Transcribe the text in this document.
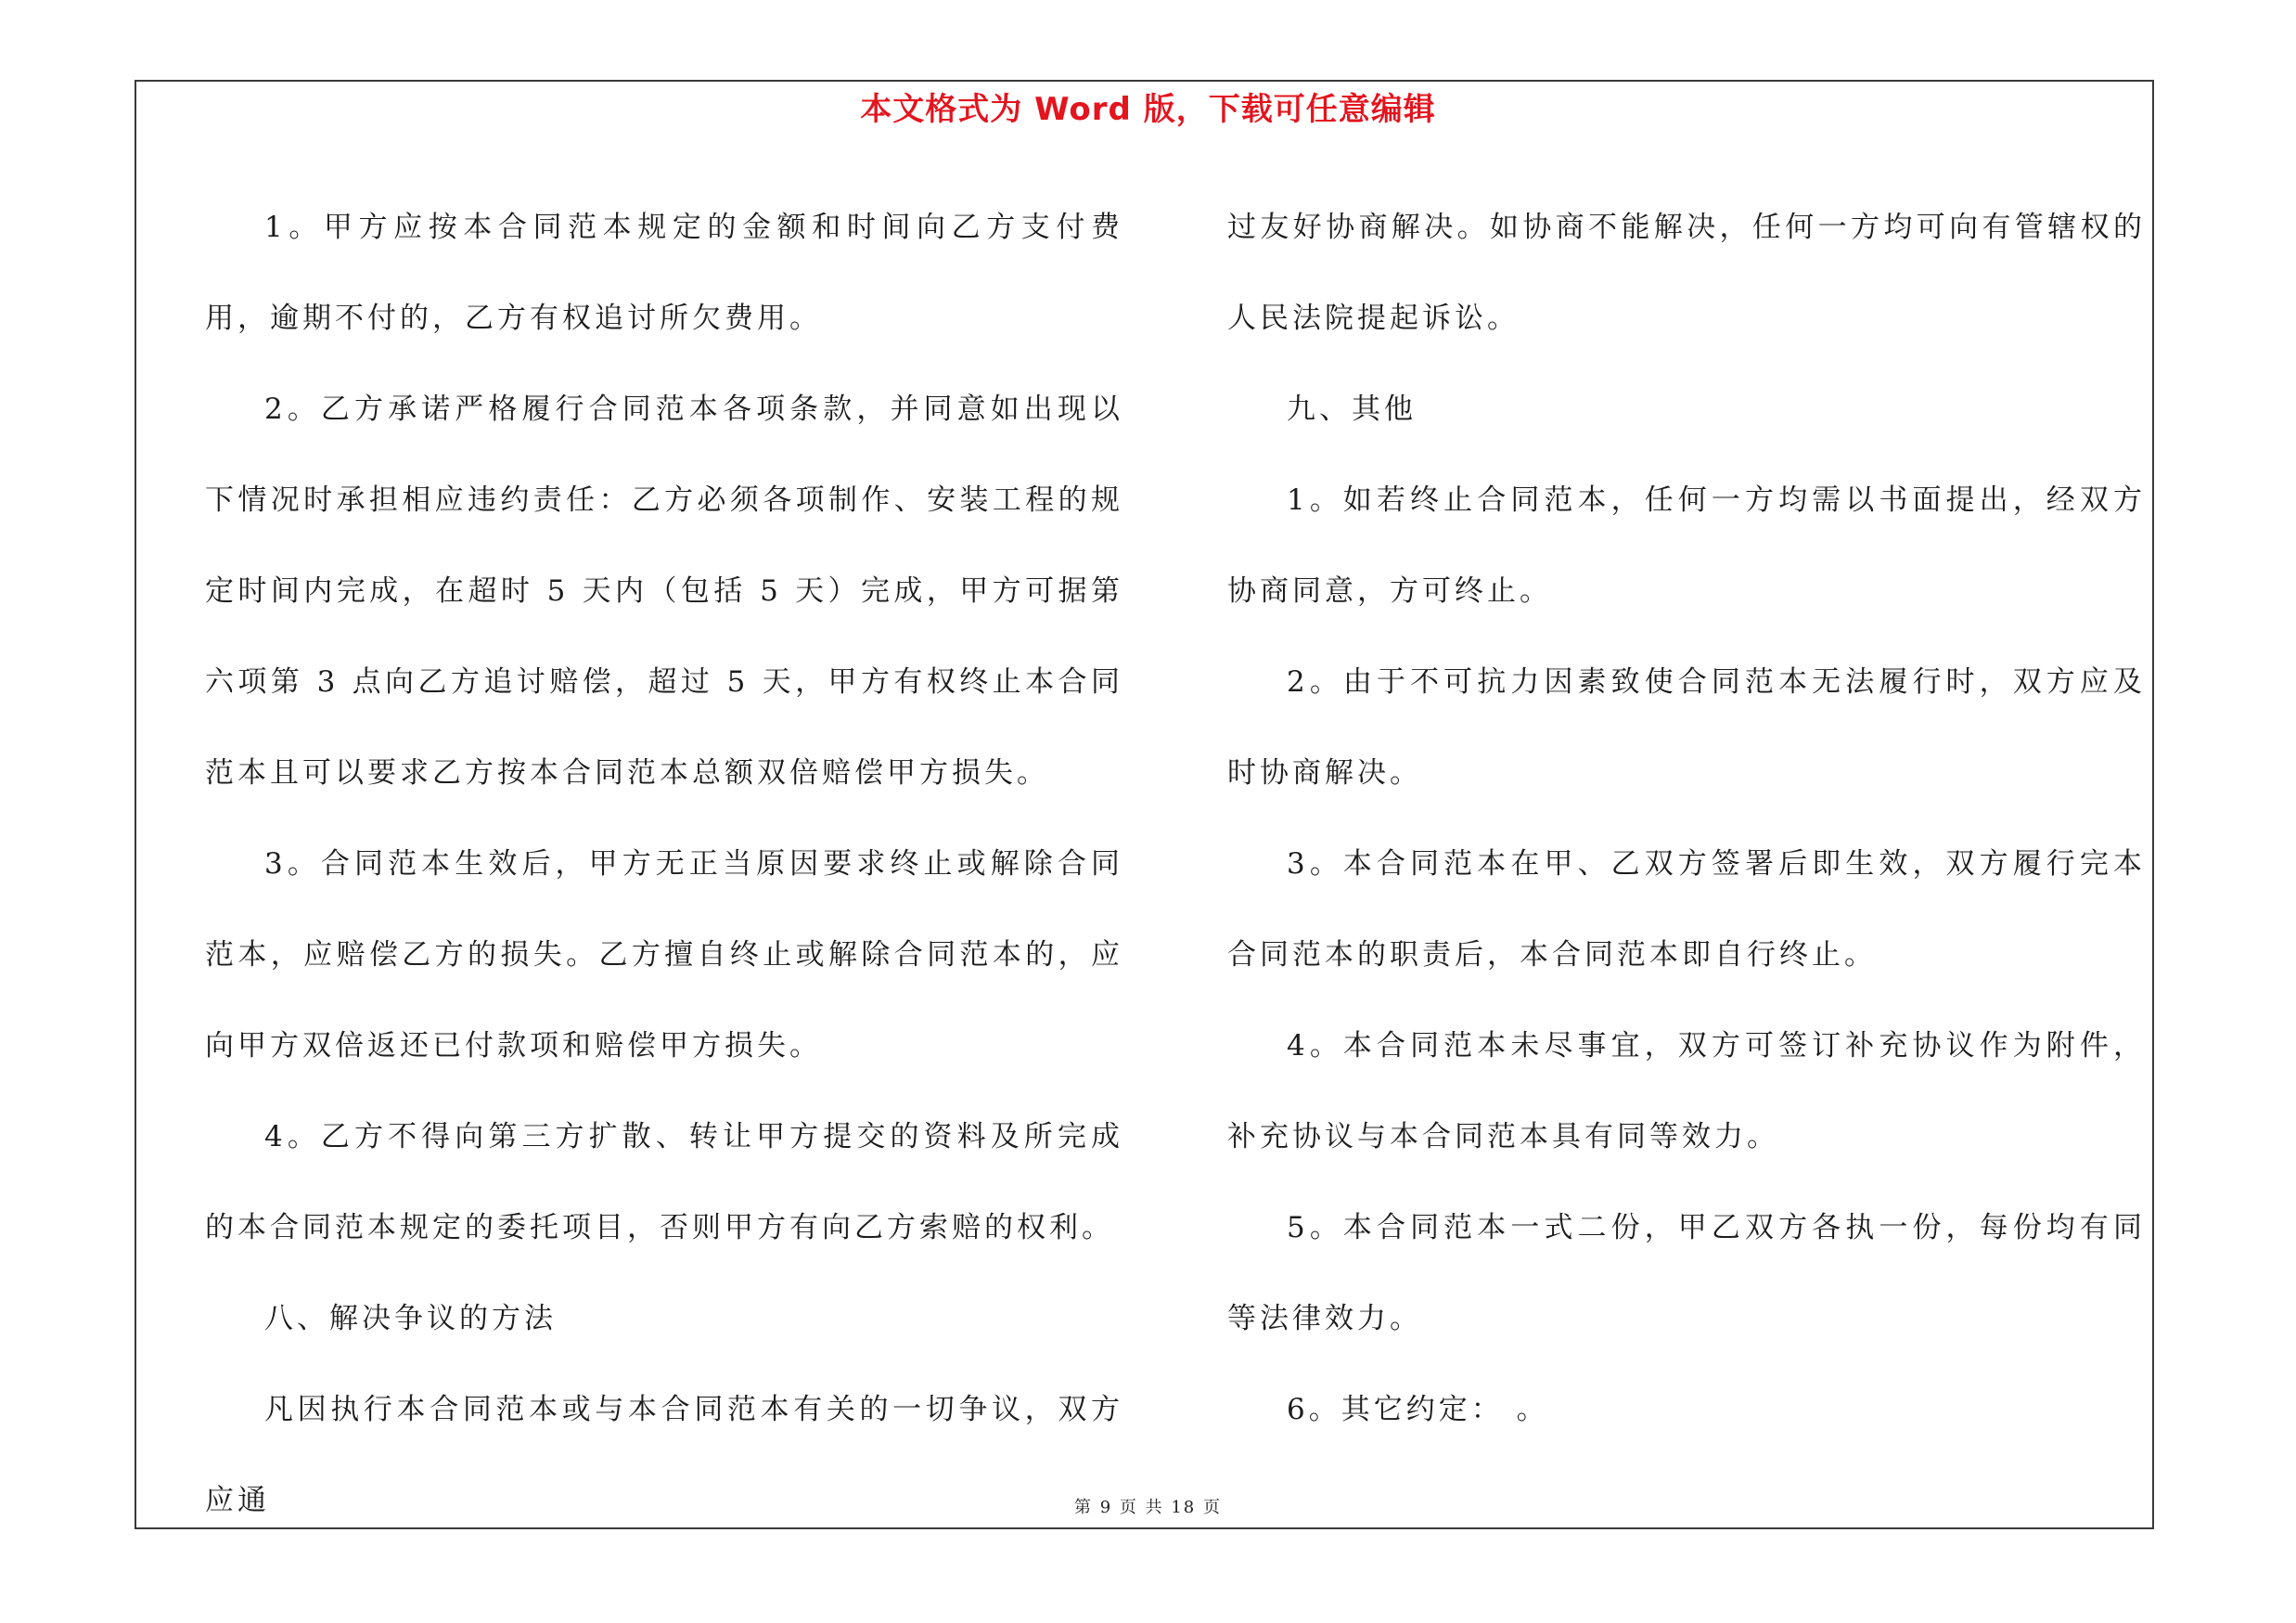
本文格式为 Word 版，下载可任意编辑

1。甲方应按本合同范本规定的金额和时间向乙方支付费用，逾期不付的，乙方有权追讨所欠费用。

2。乙方承诺严格履行合同范本各项条款，并同意如出现以下情况时承担相应违约责任：乙方必须各项制作、安装工程的规定时间内完成，在超时 5 天内（包括 5 天）完成，甲方可据第六项第 3 点向乙方追讨赔偿，超过 5 天，甲方有权终止本合同范本且可以要求乙方按本合同范本总额双倍赔偿甲方损失。

3。合同范本生效后，甲方无正当原因要求终止或解除合同范本，应赔偿乙方的损失。乙方擅自终止或解除合同范本的，应向甲方双倍返还已付款项和赔偿甲方损失。

4。乙方不得向第三方扩散、转让甲方提交的资料及所完成的本合同范本规定的委托项目，否则甲方有向乙方索赔的权利。

八、解决争议的方法

凡因执行本合同范本或与本合同范本有关的一切争议，双方应通

过友好协商解决。如协商不能解决，任何一方均可向有管辖权的人民法院提起诉讼。

九、其他

1。如若终止合同范本，任何一方均需以书面提出，经双方协商同意，方可终止。

2。由于不可抗力因素致使合同范本无法履行时，双方应及时协商解决。

3。本合同范本在甲、乙双方签署后即生效，双方履行完本合同范本的职责后，本合同范本即自行终止。

4。本合同范本未尽事宜，双方可签订补充协议作为附件，补充协议与本合同范本具有同等效力。

5。本合同范本一式二份，甲乙双方各执一份，每份均有同等法律效力。

6。其它约定： 。

第 9 页 共 18 页
